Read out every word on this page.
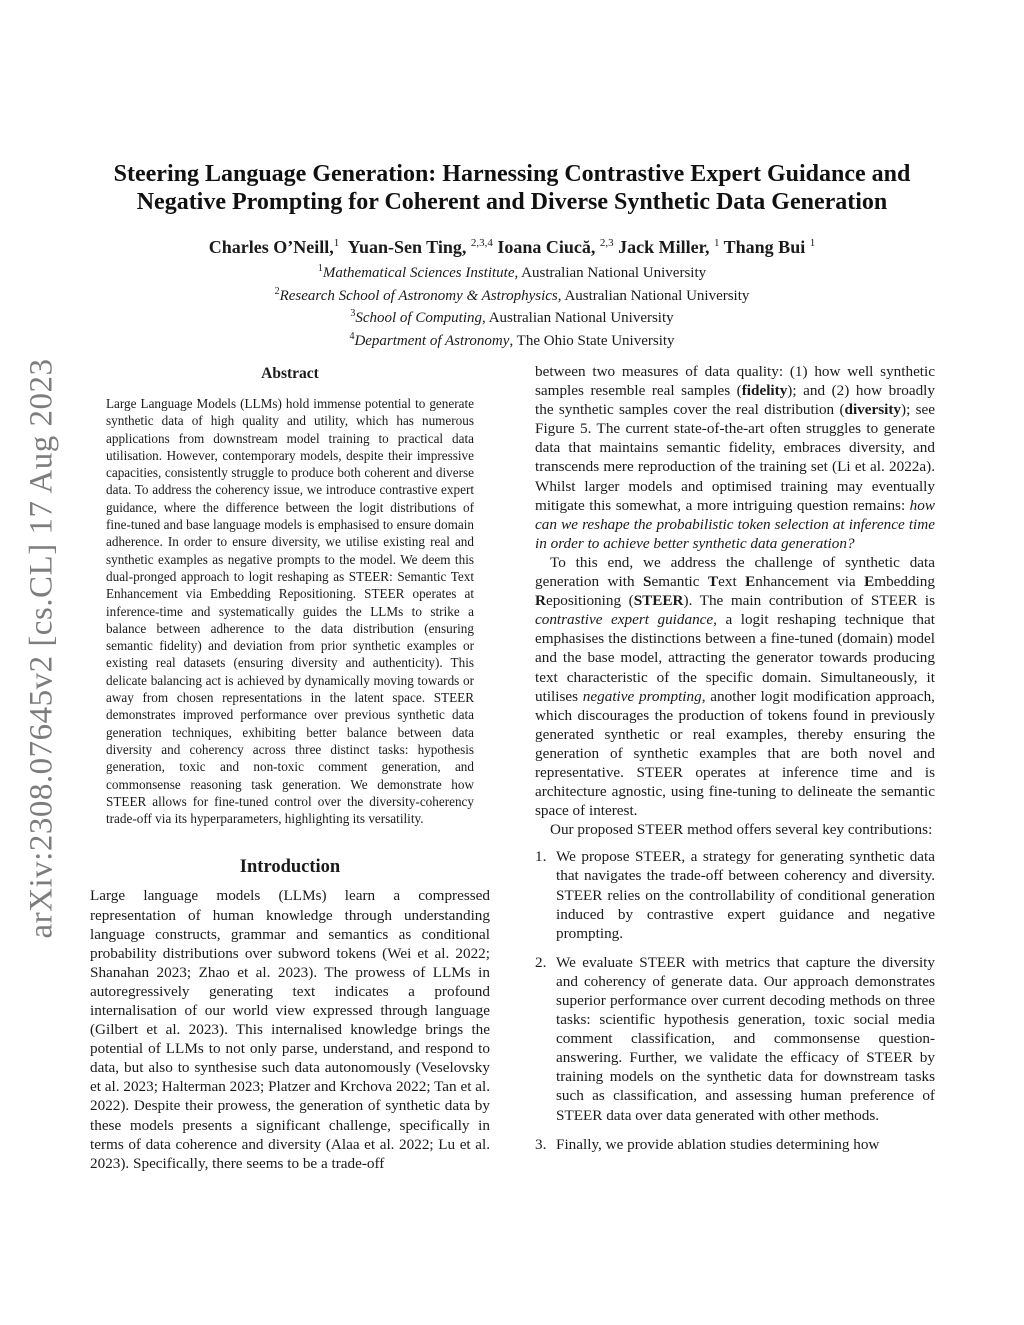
arXiv:2308.07645v2 [cs.CL] 17 Aug 2023
Steering Language Generation: Harnessing Contrastive Expert Guidance and
Negative Prompting for Coherent and Diverse Synthetic Data Generation
Charles O’Neill,$^1$ Yuan-Sen Ting, $^{2,3,4}$ Ioana Ciucă, $^{2,3}$ Jack Miller, $^1$ Thang Bui $^1$
$^1$Mathematical Sciences Institute, Australian National University
$^2$Research School of Astronomy & Astrophysics, Australian National University
$^3$School of Computing, Australian National University
$^4$Department of Astronomy, The Ohio State University
Abstract

Large Language Models (LLMs) hold immense potential to generate synthetic data of high quality and utility, which has numerous applications from downstream model training to practical data utilisation. However, contemporary models, despite their impressive capacities, consistently struggle to produce both coherent and diverse data. To address the coherency issue, we introduce contrastive expert guidance, where the difference between the logit distributions of fine-tuned and base language models is emphasised to ensure domain adherence. In order to ensure diversity, we utilise existing real and synthetic examples as negative prompts to the model. We deem this dual-pronged approach to logit reshaping as STEER: Semantic Text Enhancement via Embedding Repositioning. STEER operates at inference-time and systematically guides the LLMs to strike a balance between adherence to the data distribution (ensuring semantic fidelity) and deviation from prior synthetic examples or existing real datasets (ensuring diversity and authenticity). This delicate balancing act is achieved by dynamically moving towards or away from chosen representations in the latent space. STEER demonstrates improved performance over previous synthetic data generation techniques, exhibiting better balance between data diversity and coherency across three distinct tasks: hypothesis generation, toxic and non-toxic comment generation, and commonsense reasoning task generation. We demonstrate how STEER allows for fine-tuned control over the diversity-coherency trade-off via its hyperparameters, highlighting its versatility.

Introduction

Large language models (LLMs) learn a compressed representation of human knowledge through understanding language constructs, grammar and semantics as conditional probability distributions over subword tokens (Wei et al. 2022; Shanahan 2023; Zhao et al. 2023). The prowess of LLMs in autoregressively generating text indicates a profound internalisation of our world view expressed through language (Gilbert et al. 2023). This internalised knowledge brings the potential of LLMs to not only parse, understand, and respond to data, but also to synthesise such data autonomously (Veselovsky et al. 2023; Halterman 2023; Platzer and Krchova 2022; Tan et al. 2022). Despite their prowess, the generation of synthetic data by these models presents a significant challenge, specifically in terms of data coherence and diversity (Alaa et al. 2022; Lu et al. 2023). Specifically, there seems to be a trade-off

between two measures of data quality: (1) how well synthetic samples resemble real samples (fidelity); and (2) how broadly the synthetic samples cover the real distribution (diversity); see Figure 5. The current state-of-the-art often struggles to generate data that maintains semantic fidelity, embraces diversity, and transcends mere reproduction of the training set (Li et al. 2022a). Whilst larger models and optimised training may eventually mitigate this somewhat, a more intriguing question remains: how can we reshape the probabilistic token selection at inference time in order to achieve better synthetic data generation?

To this end, we address the challenge of synthetic data generation with Semantic Text Enhancement via Embedding Repositioning (STEER). The main contribution of STEER is contrastive expert guidance, a logit reshaping technique that emphasises the distinctions between a fine-tuned (domain) model and the base model, attracting the generator towards producing text characteristic of the specific domain. Simultaneously, it utilises negative prompting, another logit modification approach, which discourages the production of tokens found in previously generated synthetic or real examples, thereby ensuring the generation of synthetic examples that are both novel and representative. STEER operates at inference time and is architecture agnostic, using fine-tuning to delineate the semantic space of interest.

Our proposed STEER method offers several key contributions:

1. We propose STEER, a strategy for generating synthetic data that navigates the trade-off between coherency and diversity. STEER relies on the controllability of conditional generation induced by contrastive expert guidance and negative prompting.
2. We evaluate STEER with metrics that capture the diversity and coherency of generate data. Our approach demonstrates superior performance over current decoding methods on three tasks: scientific hypothesis generation, toxic social media comment classification, and commonsense question-answering. Further, we validate the efficacy of STEER by training models on the synthetic data for downstream tasks such as classification, and assessing human preference of STEER data over data generated with other methods.
3. Finally, we provide ablation studies determining how
